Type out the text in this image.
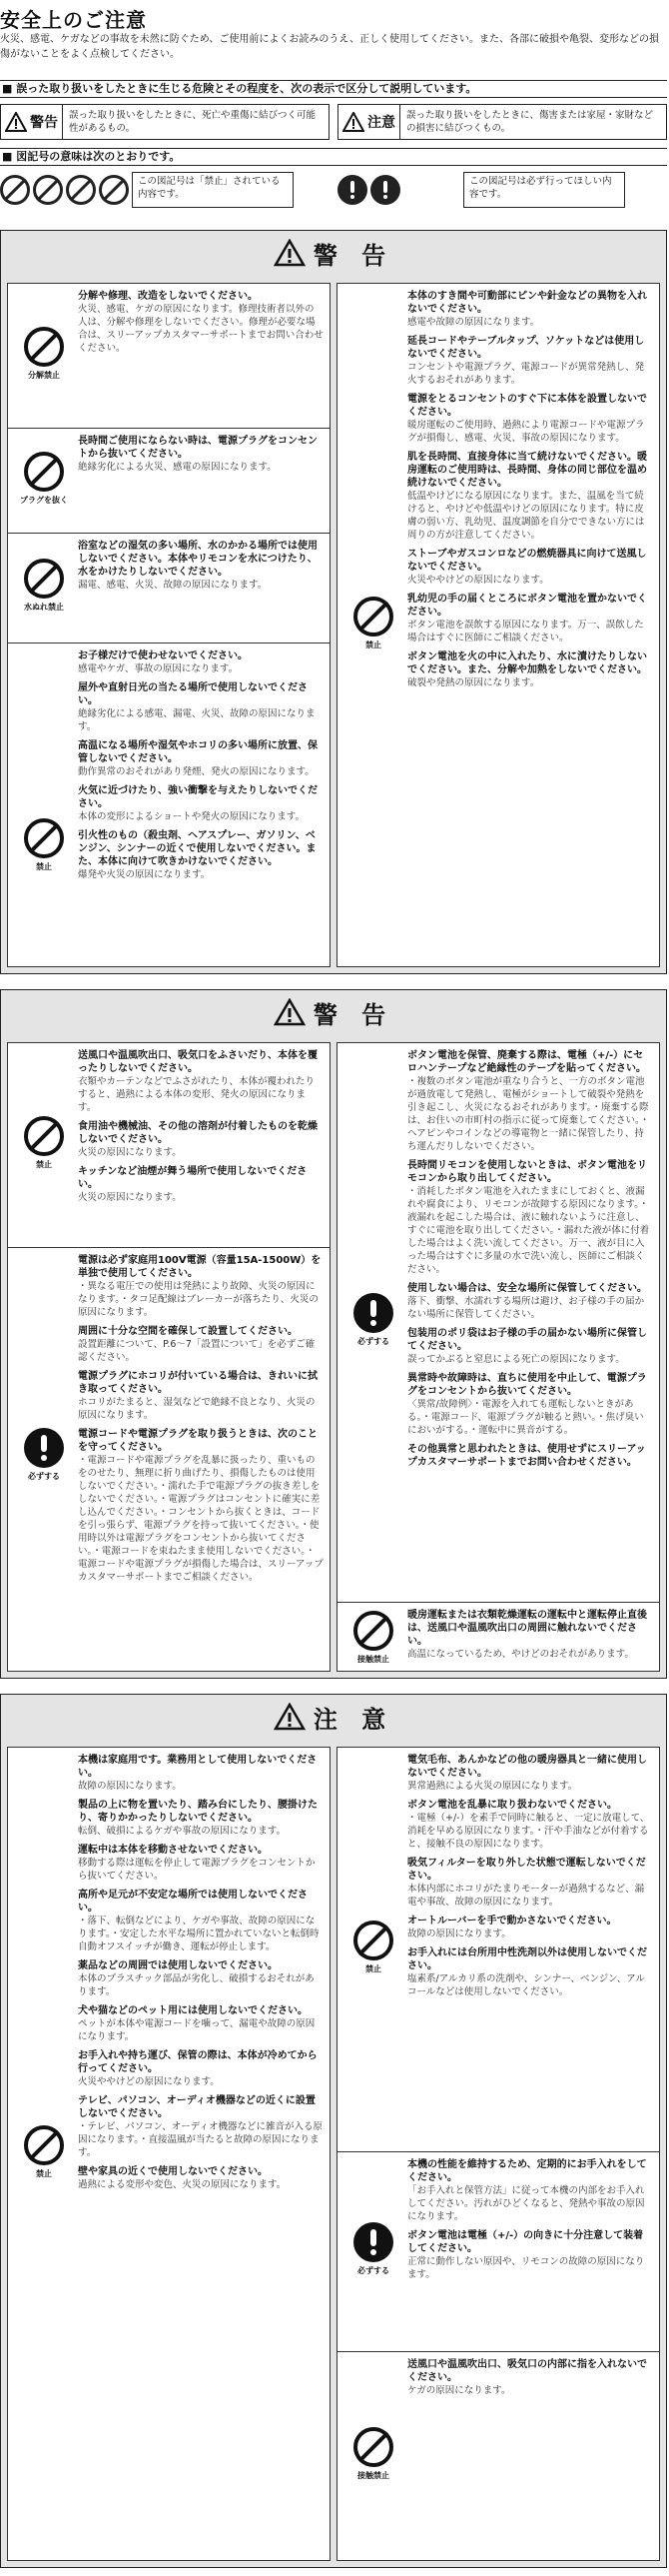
安全上のご注意
火災、感電、ケガなどの事故を未然に防ぐため、ご使用前によくお読みのうえ、正しく使用してください。また、各部に破損や亀裂、変形などの損傷がないことをよく点検してください。
■ 誤った取り扱いをしたときに生じる危険とその程度を、次の表示で区分して説明しています。
警告	誤った取り扱いをしたときに、死亡や重傷に結びつく可能性があるもの。	注意	誤った取り扱いをしたときに、傷害または家屋・家財などの損害に結びつくもの。
■ 図記号の意味は次のとおりです。
この図記号は「禁止」されている内容です。
この図記号は必ず行ってほしい内容です。
警 告
分解禁止
分解や修理、改造をしないでください。

火災、感電、ケガの原因になります。修理技術者以外の人は、分解や修理をしないでください。修理が必要な場合は、スリーアップカスタマーサポートまでお問い合わせください。

プラグを抜く
長時間ご使用にならない時は、電源プラグをコンセントから抜いてください。

絶縁劣化による火災、感電の原因になります。

水ぬれ禁止
浴室などの湿気の多い場所、水のかかる場所では使用しないでください。本体やリモコンを水につけたり、水をかけたりしないでください。

漏電、感電、火災、故障の原因になります。

禁止
お子様だけで使わせないでください。

感電やケガ、事故の原因になります。

屋外や直射日光の当たる場所で使用しないでください。

絶縁劣化による感電、漏電、火災、故障の原因になります。

高温になる場所や湿気やホコリの多い場所に放置、保管しないでください。

動作異常のおそれがあり発煙、発火の原因になります。

火気に近づけたり、強い衝撃を与えたりしないでください。

本体の変形によるショートや発火の原因になります。

引火性のもの（殺虫剤、ヘアスプレー、ガソリン、ベンジン、シンナーの近くで使用しないでください。また、本体に向けて吹きかけないでください。

爆発や火災の原因になります。

禁止
本体のすき間や可動部にピンや針金などの異物を入れないでください。

感電や故障の原因になります。

延長コードやテーブルタップ、ソケットなどは使用しないでください。

コンセントや電源プラグ、電源コードが異常発熱し、発火するおそれがあります。

電源をとるコンセントのすぐ下に本体を設置しないでください。

暖房運転のご使用時、過熱により電源コードや電源プラグが損傷し、感電、火災、事故の原因になります。

肌を長時間、直接身体に当て続けないでください。暖房運転のご使用時は、長時間、身体の同じ部位を温め続けないでください。

低温やけどになる原因になります。また、温風を当て続けると、やけどや低温やけどの原因になります。特に皮膚の弱い方、乳幼児、温度調節を自分でできない方には周りの方が注意してください。

ストーブやガスコンロなどの燃焼器具に向けて送風しないでください。

火災ややけどの原因になります。

乳幼児の手の届くところにボタン電池を置かないでください。

ボタン電池を誤飲する原因になります。万一、誤飲した場合はすぐに医師にご相談ください。

ボタン電池を火の中に入れたり、水に漬けたりしないでください。また、分解や加熱をしないでください。

破裂や発熱の原因になります。

警 告
禁止
送風口や温風吹出口、吸気口をふさいだり、本体を覆ったりしないでください。

衣類やカーテンなどでふさがれたり、本体が覆われたりすると、過熱による本体の変形、発火の原因になります。

食用油や機械油、その他の溶剤が付着したものを乾燥しないでください。

火災の原因になります。

キッチンなど油煙が舞う場所で使用しないでください。

火災の原因になります。

必ずする
電源は必ず家庭用100V電源（容量15A-1500W）を単独で使用してください。

・異なる電圧での使用は発熱により故障、火災の原因になります。・タコ足配線はブレーカーが落ちたり、火災の原因になります。

周囲に十分な空間を確保して設置してください。

設置距離について、P.6〜7「設置について」を必ずご確認ください。

電源プラグにホコリが付いている場合は、きれいに拭き取ってください。

ホコリがたまると、湿気などで絶縁不良となり、火災の原因になります。

電源コードや電源プラグを取り扱うときは、次のことを守ってください。

・電源コードや電源プラグを乱暴に扱ったり、重いものをのせたり、無理に折り曲げたり、損傷したものは使用しないでください。・濡れた手で電源プラグの抜き差しをしないでください。・電源プラグはコンセントに確実に差し込んでください。・コンセントから抜くときは、コードを引っ張らず、電源プラグを持って抜いてください。・使用時以外は電源プラグをコンセントから抜いてください。・電源コードを束ねたまま使用しないでください。・電源コードや電源プラグが損傷した場合は、スリーアップカスタマーサポートまでご相談ください。

必ずする
ボタン電池を保管、廃棄する際は、電極（+/-）にセロハンテープなど絶縁性のテープを貼ってください。

・複数のボタン電池が重なり合うと、一方のボタン電池が過放電して発熱し、電極がショートして破裂や発熱を引き起こし、火災になるおそれがあります。・廃棄する際は、お住いの市町村の指示に従って廃棄してください。・ヘアピンやコインなどの導電物と一緒に保管したり、持ち運んだりしないでください。

長時間リモコンを使用しないときは、ボタン電池をリモコンから取り出してください。

・消耗したボタン電池を入れたままにしておくと、液漏れや腐食により、リモコンが故障する原因になります。・液漏れを起こした場合は、液に触れないように注意し、すぐに電池を取り出してください。・漏れた液が体に付着した場合はよく洗い流してください。万一、液が目に入った場合はすぐに多量の水で洗い流し、医師にご相談ください。

使用しない場合は、安全な場所に保管してください。

落下、衝撃、水濡れする場所は避け、お子様の手の届かない場所に保管してください。

包装用のポリ袋はお子様の手の届かない場所に保管してください。

誤ってかぶると窒息による死亡の原因になります。

異常時や故障時は、直ちに使用を中止して、電源プラグをコンセントから抜いてください。

〈異常/故障例〉・電源を入れても運転しないときがある。・電源コード、電源プラグが触ると熱い。・焦げ臭いにおいがする。・運転中に異音がする。

その他異常と思われたときは、使用せずにスリーアップカスタマーサポートまでお問い合わせください。

接触禁止
暖房運転または衣類乾燥運転の運転中と運転停止直後は、送風口や温風吹出口の周囲に触れないでください。

高温になっているため、やけどのおそれがあります。

注 意
禁止
本機は家庭用です。業務用として使用しないでください。

故障の原因になります。

製品の上に物を置いたり、踏み台にしたり、腰掛けたり、寄りかかったりしないでください。

転倒、破損によるケガや事故の原因になります。

運転中は本体を移動させないでください。

移動する際は運転を停止して電源プラグをコンセントから抜いてください。

高所や足元が不安定な場所では使用しないでください。

・落下、転倒などにより、ケガや事故、故障の原因になります。・安定した水平な場所に置かれていないと転倒時自動オフスイッチが働き、運転が停止します。

薬品などの周囲では使用しないでください。

本体のプラスチック部品が劣化し、破損するおそれがあります。

犬や猫などのペット用には使用しないでください。

ペットが本体や電源コードを噛って、漏電や故障の原因になります。

お手入れや持ち運び、保管の際は、本体が冷めてから行ってください。

火災ややけどの原因になります。

テレビ、パソコン、オーディオ機器などの近くに設置しないでください。

・テレビ、パソコン、オーディオ機器などに雑音が入る原因になります。・直接温風が当たると故障の原因になります。

壁や家具の近くで使用しないでください。

過熱による変形や変色、火災の原因になります。

禁止
電気毛布、あんかなどの他の暖房器具と一緒に使用しないでください。

異常過熱による火災の原因になります。

ボタン電池を乱暴に取り扱わないでください。

・電極（+/-）を素手で同時に触ると、一定に放電して、消耗を早める原因になります。・汗や手油などが付着すると、接触不良の原因になります。

吸気フィルターを取り外した状態で運転しないでください。

本体内部にホコリがたまりモーターが過熱するなど、漏電や事故、故障の原因になります。

オートルーバーを手で動かさないでください。

故障の原因になります。

お手入れには台所用中性洗剤以外は使用しないでください。

塩素系/アルカリ系の洗剤や、シンナー、ベンジン、アルコールなどは使用しないでください。

必ずする
本機の性能を維持するため、定期的にお手入れをしてください。

「お手入れと保管方法」に従って本機の内部をお手入れしてください。汚れがひどくなると、発熱や事故の原因になります。

ボタン電池は電極（+/-）の向きに十分注意して装着してください。

正常に動作しない原因や、リモコンの故障の原因になります。

接触禁止
送風口や温風吹出口、吸気口の内部に指を入れないでください。

ケガの原因になります。
